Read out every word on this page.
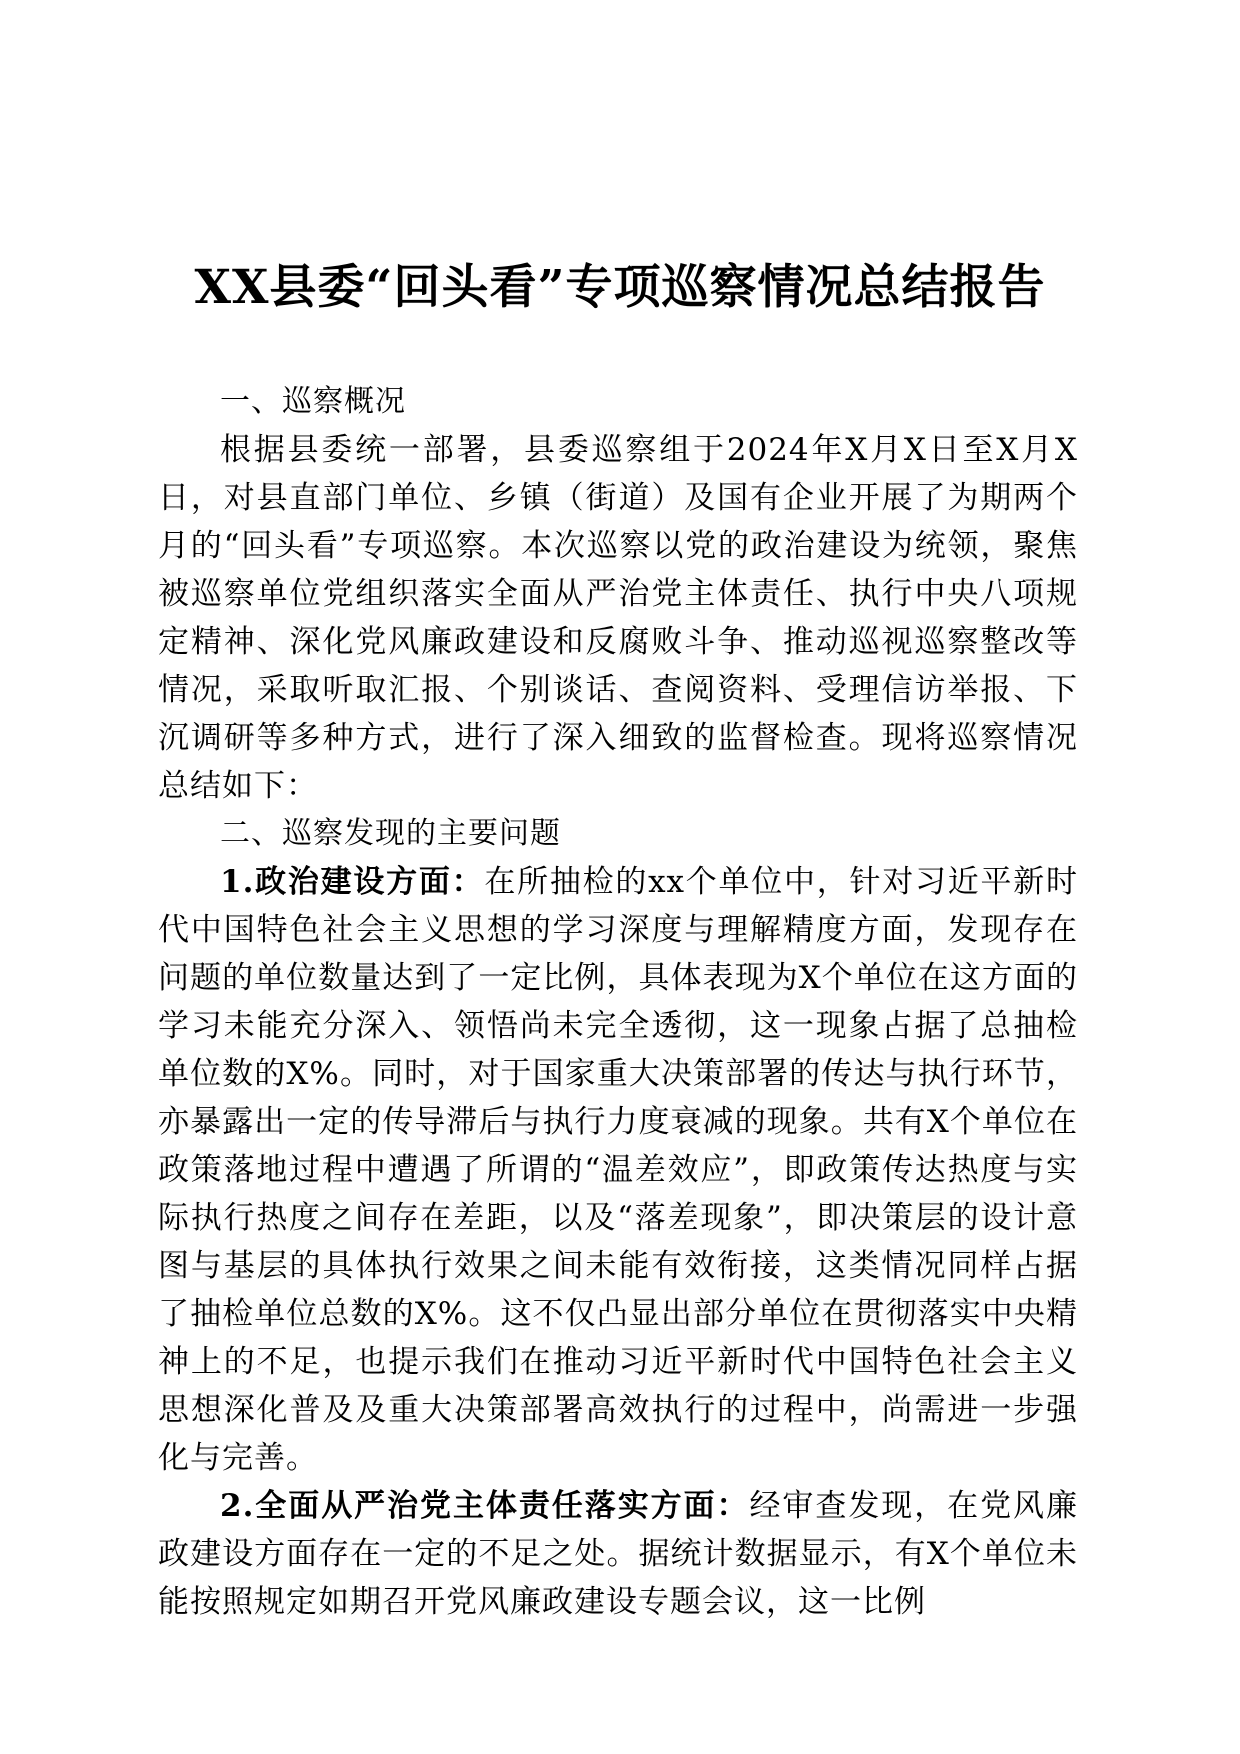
XX县委“回头看”专项巡察情况总结报告

一、巡察概况

根据县委统一部署，县委巡察组于2024年X月X日至X月X日，对县直部门单位、乡镇（街道）及国有企业开展了为期两个月的“回头看”专项巡察。本次巡察以党的政治建设为统领，聚焦被巡察单位党组织落实全面从严治党主体责任、执行中央八项规定精神、深化党风廉政建设和反腐败斗争、推动巡视巡察整改等情况，采取听取汇报、个别谈话、查阅资料、受理信访举报、下沉调研等多种方式，进行了深入细致的监督检查。现将巡察情况总结如下：

二、巡察发现的主要问题

1.政治建设方面：在所抽检的xx个单位中，针对习近平新时代中国特色社会主义思想的学习深度与理解精度方面，发现存在问题的单位数量达到了一定比例，具体表现为X个单位在这方面的学习未能充分深入、领悟尚未完全透彻，这一现象占据了总抽检单位数的X%。同时，对于国家重大决策部署的传达与执行环节，亦暴露出一定的传导滞后与执行力度衰减的现象。共有X个单位在政策落地过程中遭遇了所谓的“温差效应”，即政策传达热度与实际执行热度之间存在差距，以及“落差现象”，即决策层的设计意图与基层的具体执行效果之间未能有效衔接，这类情况同样占据了抽检单位总数的X%。这不仅凸显出部分单位在贯彻落实中央精神上的不足，也提示我们在推动习近平新时代中国特色社会主义思想深化普及及重大决策部署高效执行的过程中，尚需进一步强化与完善。

2.全面从严治党主体责任落实方面：经审查发现，在党风廉政建设方面存在一定的不足之处。据统计数据显示，有X个单位未能按照规定如期召开党风廉政建设专题会议，这一比例
